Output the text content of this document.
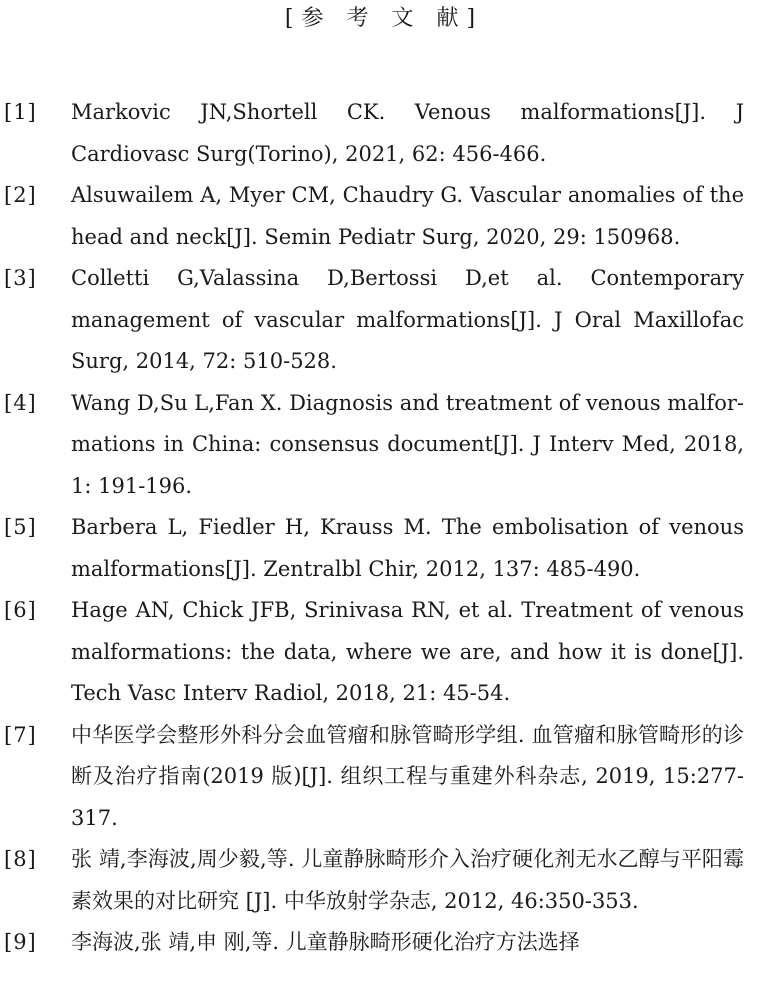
[参 考 文 献]
[1]	Markovic JN,Shortell CK. Venous malformations[J]. J Cardiovasc Surg(Torino), 2021, 62: 456-466.
[2]	Alsuwailem A, Myer CM, Chaudry G. Vascular anomalies of the head and neck[J]. Semin Pediatr Surg, 2020, 29: 150968.
[3]	Colletti G,Valassina D,Bertossi D,et al. Contemporary management of vascular malformations[J]. J Oral Maxillofac Surg, 2014, 72: 510-528.
[4]	Wang D,Su L,Fan X. Diagnosis and treatment of venous malfor- mations in China: consensus document[J]. J Interv Med, 2018, 1: 191-196.
[5]	Barbera L, Fiedler H, Krauss M. The embolisation of venous malformations[J]. Zentralbl Chir, 2012, 137: 485-490.
[6]	Hage AN, Chick JFB, Srinivasa RN, et al. Treatment of venous malformations: the data, where we are, and how it is done[J]. Tech Vasc Interv Radiol, 2018, 21: 45-54.
[7]	中华医学会整形外科分会血管瘤和脉管畸形学组. 血管瘤和脉管畸形的诊断及治疗指南(2019 版)[J]. 组织工程与重建外科杂志, 2019, 15:277-317.
[8]	张 靖,李海波,周少毅,等. 儿童静脉畸形介入治疗硬化剂无水乙醇与平阳霉素效果的对比研究 [J]. 中华放射学杂志, 2012, 46:350-353.
[9]	李海波,张 靖,申 刚,等. 儿童静脉畸形硬化治疗方法选择
